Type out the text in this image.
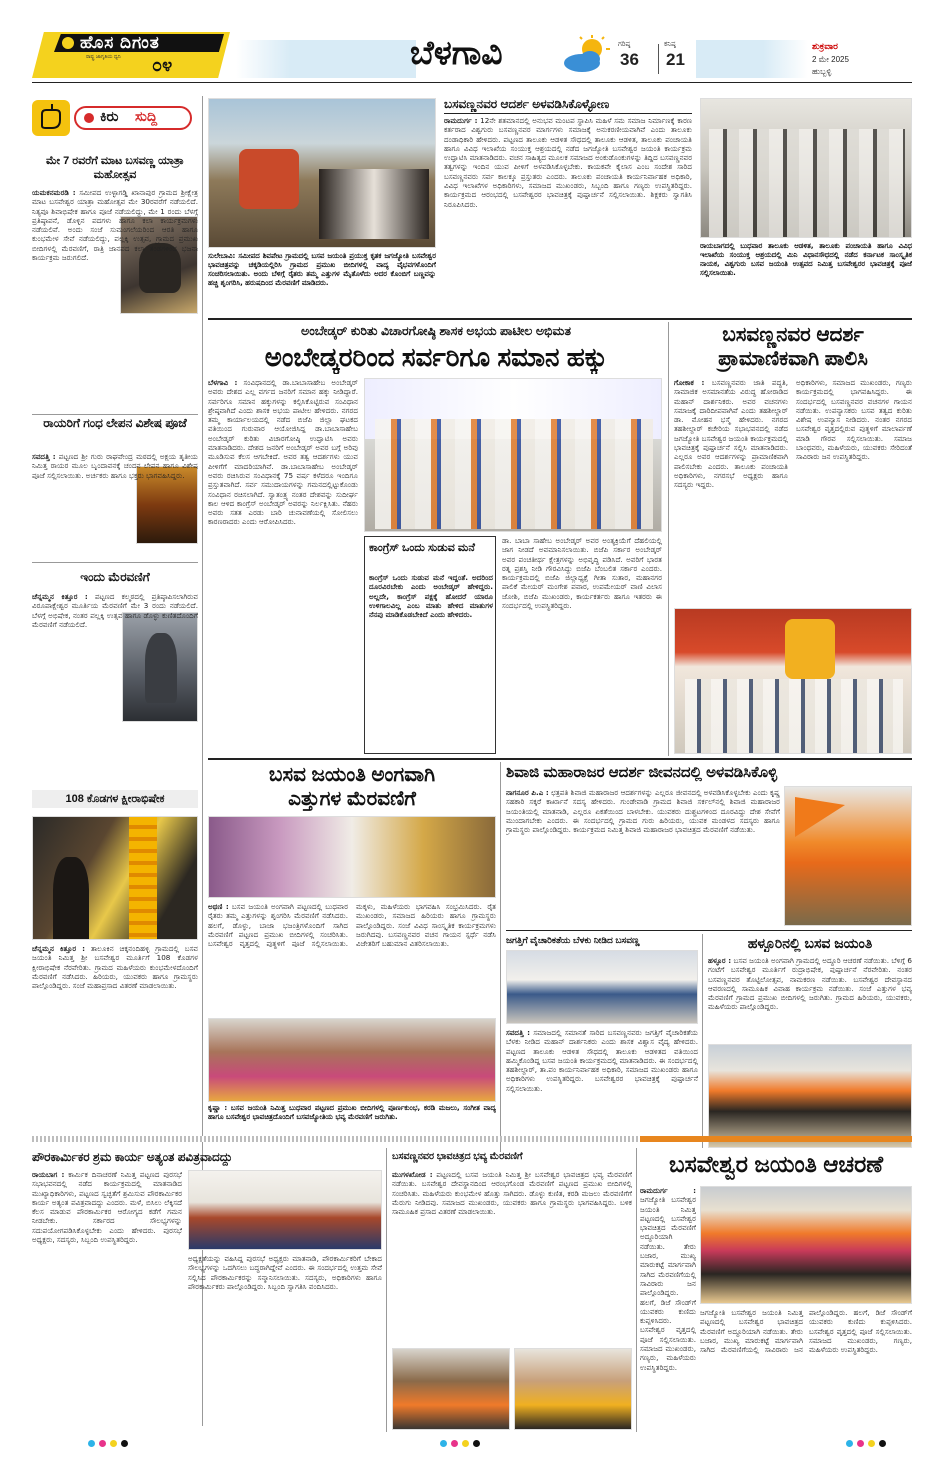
ಹೊಸ ದಿಗಂತ
ರಾಷ್ಟ್ರ ಜಾಗೃತಿಯ ಧ್ವನಿ ೦೪	ಬೆಳಗಾವಿ	ಗರಿಷ್ಠ
36
ಕನಿಷ್ಠ
21
ಶುಕ್ರವಾರ
2 ಮೇ 2025
ಹುಬ್ಬಳ್ಳಿ
ಕಿರು ಸುದ್ದಿ
ಮೇ 7 ರವರೆಗೆ ಮಾಟ ಬಸವಣ್ಣ ಯಾತ್ರಾ ಮಹೋತ್ಸವ
ಯಮಕನಮರಡಿ : ಸಮೀಪದ ಉಳ್ಳಾಗಡ್ಡಿ ಖಾನಾಪುರ ಗ್ರಾಮದ ಶ್ರೀಕ್ಷೇತ್ರ ಮಾಟ ಬಸವೇಶ್ವರ ಯಾತ್ರಾ ಮಹೋತ್ಸವ ಮೇ 30ರವರೆಗೆ ನಡೆಯಲಿದೆ. ನಿತ್ಯವೂ ಶಿವಾಭಿಷೇಕ ಹಾಗೂ ಪೂಜೆ ನಡೆಯಲಿದ್ದು, ಮೇ 1 ರಂದು ಬೆಳಗ್ಗೆ ಪ್ರತಿಷ್ಠಾಪನೆ, ಡೊಳ್ಳಿನ ಪದಗಳು ಹಾಗೂ ಕಲಾ ಕಾರ್ಯಕ್ರಮಗಳು ನಡೆಯಲಿವೆ. ಅಂದು ಸಂಜೆ ಸುಮಂಗಲೆಯರಿಂದ ಆರತಿ ಹಾಗೂ ಕುಂಭಮೇಳ ಸೇವೆ ನಡೆಯಲಿದ್ದು, ಪಲ್ಲಕ್ಕಿ ಉತ್ಸವ, ಗ್ರಾಮದ ಪ್ರಮುಖ ಬೀದಿಗಳಲ್ಲಿ ಮೆರವಣಿಗೆ, ರಾತ್ರಿ ಜಾನಪದ ಕಲಾ ತಂಡಗಳಿಂದ ಭಜನಾ ಕಾರ್ಯಕ್ರಮ ಜರುಗಲಿದೆ.
ರಾಯರಿಗೆ ಗಂಧ ಲೇಪನ ವಿಶೇಷ ಪೂಜೆ
ಸವದತ್ತಿ : ಪಟ್ಟಣದ ಶ್ರೀ ಗುರು ರಾಘವೇಂದ್ರ ಮಠದಲ್ಲಿ ಅಕ್ಷಯ ತೃತೀಯ ನಿಮಿತ್ತ ರಾಯರ ಮೂಲ ಬೃಂದಾವನಕ್ಕೆ ಚಂದನ ಲೇಪನ ಹಾಗೂ ವಿಶೇಷ ಪೂಜೆ ಸಲ್ಲಿಸಲಾಯಿತು. ಅರ್ಚಕರು ಹಾಗೂ ಭಕ್ತರು ಭಾಗವಹಿಸಿದ್ದರು.
ಇಂದು ಮೆರವಣಿಗೆ
ಚೆನ್ನಮ್ಮನ ಕಿತ್ತೂರ : ಪಟ್ಟಣದ ಕಲ್ಮಠದಲ್ಲಿ ಪ್ರತಿಷ್ಠಾಪಿಸಲಾಗಿರುವ ವಿರೂಪಾಕ್ಷೇಶ್ವರ ಮೂರ್ತಿಯ ಮೆರವಣಿಗೆ ಮೇ 3 ರಂದು ನಡೆಯಲಿದೆ. ಬೆಳಗ್ಗೆ ಅಭಿಷೇಕ, ನಂತರ ಪಲ್ಲಕ್ಕಿ ಉತ್ಸವ ಹಾಗೂ ಡೊಳ್ಳು ಕುಣಿತದೊಂದಿಗೆ ಮೆರವಣಿಗೆ ನಡೆಯಲಿದೆ.
108 ಕೊಡಗಳ ಕ್ಷೀರಾಭಿಷೇಕ
ಚೆನ್ನಮ್ಮನ ಕಿತ್ತೂರ : ತಾಲೂಕಿನ ಚಿಕ್ಕನಂದಿಹಳ್ಳಿ ಗ್ರಾಮದಲ್ಲಿ ಬಸವ ಜಯಂತಿ ನಿಮಿತ್ತ ಶ್ರೀ ಬಸವೇಶ್ವರ ಮೂರ್ತಿಗೆ 108 ಕೊಡಗಳ ಕ್ಷೀರಾಭಿಷೇಕ ನೆರವೇರಿತು. ಗ್ರಾಮದ ಮಹಿಳೆಯರು ಕುಂಭಮೇಳದೊಂದಿಗೆ ಮೆರವಣಿಗೆ ನಡೆಸಿದರು. ಹಿರಿಯರು, ಯುವಕರು ಹಾಗೂ ಗ್ರಾಮಸ್ಥರು ಪಾಲ್ಗೊಂಡಿದ್ದರು. ಸಂಜೆ ಮಹಾಪ್ರಸಾದ ವಿತರಣೆ ಮಾಡಲಾಯಿತು.
ಸುಲೇಬಾವಿ: ಸಮೀಪದ ಶಿವಪೇಟ ಗ್ರಾಮದಲ್ಲಿ ಬಸವ ಜಯಂತಿ ಪ್ರಯುಕ್ತ ಕೃತಕ ಜಗಜ್ಯೋತಿ ಬಸವೇಶ್ವರ ಭಾವಚಿತ್ರವನ್ನು ಚಕ್ಕಡಿಯಲ್ಲಿರಿಸಿ ಗ್ರಾಮದ ಪ್ರಮುಖ ಬೀದಿಗಳಲ್ಲಿ ವಾದ್ಯ ವೈಭವಗಳೊಂದಿಗೆ ಸಂಚರಿಸಲಾಯಿತು. ಅಂದು ಬೆಳಿಗ್ಗೆ ರೈತರು ತಮ್ಮ ಎತ್ತುಗಳ ಮೈತೊಳೆದು ಅದರ ಕೊಂಬಿಗೆ ಬಣ್ಣವನ್ನು ಹಚ್ಚಿ ಶೃಂಗರಿಸಿ, ಹರುಷದಿಂದ ಮೆರವಣಿಗೆ ಮಾಡಿದರು.
ಬಸವಣ್ಣನವರ ಆದರ್ಶ ಅಳವಡಿಸಿಕೊಳ್ಳೋಣ
ರಾಮದುರ್ಗ : 12ನೇ ಶತಮಾನದಲ್ಲಿ ಅನುಭವ ಮಂಟಪ ಸ್ಥಾಪಿಸಿ ಮಹಿಳೆ ಸಮ ಸಮಾಜ ನಿರ್ಮಾಣಕ್ಕೆ ಕಾರಣ ಕರ್ತರಾದ ವಿಶ್ವಗುರು ಬಸವಣ್ಣನವರ ಮಾರ್ಗಗಳು ಸಮಾಜಕ್ಕೆ ಅನುಕರಣೀಯವಾಗಿವೆ ಎಂದು ತಾಲೂಕು ದಂಡಾಧಿಕಾರಿ ಹೇಳಿದರು. ಪಟ್ಟಣದ ತಾಲೂಕು ಆಡಳಿತ ಸೌಧದಲ್ಲಿ ತಾಲೂಕು ಆಡಳಿತ, ತಾಲೂಕು ಪಂಚಾಯತಿ ಹಾಗೂ ವಿವಿಧ ಇಲಾಖೆಯ ಸಂಯುಕ್ತ ಆಶ್ರಯದಲ್ಲಿ ನಡೆದ ಜಗಜ್ಯೋತಿ ಬಸವೇಶ್ವರ ಜಯಂತಿ ಕಾರ್ಯಕ್ರಮ ಉದ್ಘಾಟಿಸಿ ಮಾತನಾಡಿದರು. ವಚನ ಸಾಹಿತ್ಯದ ಮೂಲಕ ಸಮಾಜದ ಅಂಕುಡೊಂಕುಗಳನ್ನು ತಿದ್ದಿದ ಬಸವಣ್ಣನವರ ತತ್ವಗಳನ್ನು ಇಂದಿನ ಯುವ ಪೀಳಿಗೆ ಅಳವಡಿಸಿಕೊಳ್ಳಬೇಕು. ಕಾಯಕವೇ ಕೈಲಾಸ ಎಂಬ ಸಂದೇಶ ಸಾರಿದ ಬಸವಣ್ಣನವರು ಸರ್ವ ಕಾಲಕ್ಕೂ ಪ್ರಸ್ತುತರು ಎಂದರು. ತಾಲೂಕು ಪಂಚಾಯತಿ ಕಾರ್ಯನಿರ್ವಾಹಕ ಅಧಿಕಾರಿ, ವಿವಿಧ ಇಲಾಖೆಗಳ ಅಧಿಕಾರಿಗಳು, ಸಮಾಜದ ಮುಖಂಡರು, ಸಿಬ್ಬಂದಿ ಹಾಗೂ ಗಣ್ಯರು ಉಪಸ್ಥಿತರಿದ್ದರು. ಕಾರ್ಯಕ್ರಮದ ಆರಂಭದಲ್ಲಿ ಬಸವೇಶ್ವರರ ಭಾವಚಿತ್ರಕ್ಕೆ ಪುಷ್ಪಾರ್ಚನೆ ಸಲ್ಲಿಸಲಾಯಿತು. ಶಿಕ್ಷಕರು ಸ್ವಾಗತಿಸಿ ನಿರೂಪಿಸಿದರು.
ರಾಯಬಾಗದಲ್ಲಿ ಬುಧವಾರ ತಾಲೂಕು ಆಡಳಿತ, ತಾಲೂಕು ಪಂಚಾಯತಿ ಹಾಗೂ ವಿವಿಧ ಇಲಾಖೆಯ ಸಂಯುಕ್ತ ಆಶ್ರಯದಲ್ಲಿ ಮಿನಿ ವಿಧಾನಸೌಧದಲ್ಲಿ ನಡೆದ ಕರ್ನಾಟಕ ಸಾಂಸ್ಕೃತಿಕ ನಾಯಕ, ವಿಶ್ವಗುರು ಬಸವ ಜಯಂತಿ ಉತ್ಸವದ ನಿಮಿತ್ತ ಬಸವೇಶ್ವರರ ಭಾವಚಿತ್ರಕ್ಕೆ ಪೂಜೆ ಸಲ್ಲಿಸಲಾಯಿತು.
ಅಂಬೇಡ್ಕರ್ ಕುರಿತು ವಿಚಾರಗೋಷ್ಠಿ ಶಾಸಕ ಅಭಯ ಪಾಟೀಲ ಅಭಿಮತ
ಅಂಬೇಡ್ಕರರಿಂದ ಸರ್ವರಿಗೂ ಸಮಾನ ಹಕ್ಕು
ಬೆಳಗಾವಿ : ಸಂವಿಧಾನದಲ್ಲಿ ಡಾ.ಬಾಬಾಸಾಹೇಬ ಅಂಬೇಡ್ಕರ್ ಅವರು ದೇಶದ ಎಲ್ಲ ವರ್ಗದ ಜನರಿಗೆ ಸಮಾನ ಹಕ್ಕು ನೀಡಿದ್ದಾರೆ. ಸರ್ವರಿಗೂ ಸಮಾನ ಹಕ್ಕುಗಳನ್ನು ಕಲ್ಪಿಸಿಕೊಟ್ಟಿರುವ ಸಂವಿಧಾನ ಶ್ರೇಷ್ಠವಾಗಿದೆ ಎಂದು ಶಾಸಕ ಅಭಯ ಪಾಟೀಲ ಹೇಳಿದರು. ನಗರದ ತಮ್ಮ ಕಾರ್ಯಾಲಯದಲ್ಲಿ ನಡೆದ ಬಿಜೆಪಿ ಜಿಲ್ಲಾ ಘಟಕದ ವತಿಯಿಂದ ಗುರುವಾರ ಆಯೋಜಿಸಿದ್ದ ಡಾ.ಬಾಬಾಸಾಹೇಬ ಅಂಬೇಡ್ಕರ್ ಕುರಿತು ವಿಚಾರಗೋಷ್ಠಿ ಉದ್ಘಾಟಿಸಿ ಅವರು ಮಾತನಾಡಿದರು. ದೇಶದ ಜನರಿಗೆ ಅಂಬೇಡ್ಕರ್ ಅವರ ಬಗ್ಗೆ ಅರಿವು ಮೂಡಿಸುವ ಕೆಲಸ ಆಗಬೇಕಿದೆ. ಅವರ ತತ್ವ ಆದರ್ಶಗಳು ಯುವ ಪೀಳಿಗೆಗೆ ಮಾದರಿಯಾಗಿವೆ. ಡಾ.ಬಾಬಾಸಾಹೇಬ ಅಂಬೇಡ್ಕರ್ ಅವರು ರಚಿಸಿರುವ ಸಂವಿಧಾನಕ್ಕೆ 75 ವರ್ಷ ಕಳೆದರೂ ಇಂದಿಗೂ ಪ್ರಸ್ತುತವಾಗಿದೆ. ಸರ್ವ ಸಮುದಾಯಗಳನ್ನು ಗಮನದಲ್ಲಿಟ್ಟುಕೊಂಡು ಸಂವಿಧಾನ ರಚಿಸಲಾಗಿದೆ. ಸ್ವಾತಂತ್ರ್ಯ ನಂತರ ದೇಶವನ್ನು ಸುದೀರ್ಘ ಕಾಲ ಆಳಿದ ಕಾಂಗ್ರೆಸ್ ಅಂಬೇಡ್ಕರ್ ಅವರನ್ನು ನಿರ್ಲಕ್ಷಿಸಿತು. ನೆಹರು ಅವರು ಸತತ ಎರಡು ಬಾರಿ ಚುನಾವಣೆಯಲ್ಲಿ ಸೋಲಿಸಲು ಕಾರಣರಾದರು ಎಂದು ಆರೋಪಿಸಿದರು.
ಕಾಂಗ್ರೆಸ್ ಒಂದು ಸುಡುವ ಮನೆ
ಕಾಂಗ್ರೆಸ್ ಒಂದು ಸುಡುವ ಮನೆ ಇದ್ದಂತೆ. ಅದರಿಂದ ದೂರವಿರಬೇಕು ಎಂದು ಅಂಬೇಡ್ಕರ್ ಹೇಳಿದ್ದರು. ಅಲ್ಲದೇ, ಕಾಂಗ್ರೆಸ್ ಪಕ್ಷಕ್ಕೆ ಹೋದರೆ ಯಾರೂ ಉಳಿಗಾಲವಿಲ್ಲ ಎಂಬ ಮಾತು ಹೇಳಿದ ಮಾತುಗಳ ನೆನಪು ಮಾಡಿಕೊಡಬೇಕಿದೆ ಎಂದು ಹೇಳಿದರು.
ಡಾ. ಬಾಬಾ ಸಾಹೇಬ ಅಂಬೇಡ್ಕರ್ ಅವರ ಅಂತ್ಯಕ್ರಿಯೆಗೆ ದೆಹಲಿಯಲ್ಲಿ ಜಾಗ ನೀಡದೆ ಅವಮಾನಿಸಲಾಯಿತು. ಬಿಜೆಪಿ ಸರ್ಕಾರ ಅಂಬೇಡ್ಕರ್ ಅವರ ಪಂಚತೀರ್ಥ ಕ್ಷೇತ್ರಗಳನ್ನು ಅಭಿವೃದ್ಧಿ ಪಡಿಸಿದೆ. ಅವರಿಗೆ ಭಾರತ ರತ್ನ ಪ್ರಶಸ್ತಿ ನೀಡಿ ಗೌರವಿಸಿದ್ದು ಬಿಜೆಪಿ ಬೆಂಬಲಿತ ಸರ್ಕಾರ ಎಂದರು. ಕಾರ್ಯಕ್ರಮದಲ್ಲಿ ಬಿಜೆಪಿ ಜಿಲ್ಲಾಧ್ಯಕ್ಷೆ ಗೀತಾ ಸುತಾರ, ಮಹಾನಗರ ಪಾಲಿಕೆ ಮೇಯರ್ ಮಂಗೇಶ ಪವಾರ, ಉಪಮೇಯರ್ ವಾಣಿ ವಿಲಾಸ ಜೋಶಿ, ಬಿಜೆಪಿ ಮುಖಂಡರು, ಕಾರ್ಯಕರ್ತರು ಹಾಗೂ ಇತರರು ಈ ಸಂದರ್ಭದಲ್ಲಿ ಉಪಸ್ಥಿತರಿದ್ದರು.
ಬಸವಣ್ಣನವರ ಆದರ್ಶ
ಪ್ರಾಮಾಣಿಕವಾಗಿ ಪಾಲಿಸಿ
ಗೋಕಾಕ : ಬಸವಣ್ಣನವರು ಜಾತಿ ಪದ್ಧತಿ, ಸಾಮಾಜಿಕ ಅಸಮಾನತೆಯ ವಿರುದ್ಧ ಹೋರಾಡಿದ ಮಹಾನ್ ದಾರ್ಶನಿಕರು. ಅವರ ವಚನಗಳು ಸಮಾಜಕ್ಕೆ ದಾರಿದೀಪವಾಗಿವೆ ಎಂದು ತಹಶೀಲ್ದಾರ್ ಡಾ. ಮೋಹನ ಭಸ್ಮೆ ಹೇಳಿದರು. ನಗರದ ತಹಶೀಲ್ದಾರ್ ಕಚೇರಿಯ ಸಭಾಭವನದಲ್ಲಿ ನಡೆದ ಜಗಜ್ಯೋತಿ ಬಸವೇಶ್ವರ ಜಯಂತಿ ಕಾರ್ಯಕ್ರಮದಲ್ಲಿ ಭಾವಚಿತ್ರಕ್ಕೆ ಪುಷ್ಪಾರ್ಚನೆ ಸಲ್ಲಿಸಿ ಮಾತನಾಡಿದರು. ಎಲ್ಲರೂ ಅವರ ಆದರ್ಶಗಳನ್ನು ಪ್ರಾಮಾಣಿಕವಾಗಿ ಪಾಲಿಸಬೇಕು ಎಂದರು. ತಾಲೂಕು ಪಂಚಾಯತಿ ಅಧಿಕಾರಿಗಳು, ನಗರಸಭೆ ಅಧ್ಯಕ್ಷರು ಹಾಗೂ ಸದಸ್ಯರು ಇದ್ದರು.
ಅಧಿಕಾರಿಗಳು, ಸಮಾಜದ ಮುಖಂಡರು, ಗಣ್ಯರು ಕಾರ್ಯಕ್ರಮದಲ್ಲಿ ಭಾಗವಹಿಸಿದ್ದರು. ಈ ಸಂದರ್ಭದಲ್ಲಿ ಬಸವಣ್ಣನವರ ವಚನಗಳ ಗಾಯನ ನಡೆಯಿತು. ಉಪನ್ಯಾಸಕರು ಬಸವ ತತ್ವದ ಕುರಿತು ವಿಶೇಷ ಉಪನ್ಯಾಸ ನೀಡಿದರು. ನಂತರ ನಗರದ ಬಸವೇಶ್ವರ ವೃತ್ತದಲ್ಲಿರುವ ಪುತ್ಥಳಿಗೆ ಮಾಲಾರ್ಪಣೆ ಮಾಡಿ ಗೌರವ ಸಲ್ಲಿಸಲಾಯಿತು. ಸಮಾಜ ಬಾಂಧವರು, ಮಹಿಳೆಯರು, ಯುವಕರು ಸೇರಿದಂತೆ ಸಾವಿರಾರು ಜನ ಉಪಸ್ಥಿತರಿದ್ದರು.
ಬಸವ ಜಯಂತಿ ಅಂಗವಾಗಿ
ಎತ್ತುಗಳ ಮೆರವಣಿಗೆ
ಅಥಣಿ : ಬಸವ ಜಯಂತಿ ಅಂಗವಾಗಿ ಪಟ್ಟಣದಲ್ಲಿ ಬುಧವಾರ ರೈತರು ತಮ್ಮ ಎತ್ತುಗಳನ್ನು ಶೃಂಗರಿಸಿ ಮೆರವಣಿಗೆ ನಡೆಸಿದರು. ಹಲಗೆ, ಡೊಳ್ಳು, ಬಾಜಾ ಭಜಂತ್ರಿಗಳೊಂದಿಗೆ ಸಾಗಿದ ಮೆರವಣಿಗೆ ಪಟ್ಟಣದ ಪ್ರಮುಖ ಬೀದಿಗಳಲ್ಲಿ ಸಂಚರಿಸಿತು. ಬಸವೇಶ್ವರ ವೃತ್ತದಲ್ಲಿ ಪುತ್ಥಳಿಗೆ ಪೂಜೆ ಸಲ್ಲಿಸಲಾಯಿತು. ಮಕ್ಕಳು, ಮಹಿಳೆಯರು ಭಾಗವಹಿಸಿ ಸಂಭ್ರಮಿಸಿದರು. ರೈತ ಮುಖಂಡರು, ಸಮಾಜದ ಹಿರಿಯರು ಹಾಗೂ ಗ್ರಾಮಸ್ಥರು ಪಾಲ್ಗೊಂಡಿದ್ದರು. ಸಂಜೆ ವಿವಿಧ ಸಾಂಸ್ಕೃತಿಕ ಕಾರ್ಯಕ್ರಮಗಳು ಜರುಗಿದವು. ಬಸವಣ್ಣನವರ ವಚನ ಗಾಯನ ಸ್ಪರ್ಧೆ ನಡೆಸಿ ವಿಜೇತರಿಗೆ ಬಹುಮಾನ ವಿತರಿಸಲಾಯಿತು.
ಕೃಷ್ಣಾ : ಬಸವ ಜಯಂತಿ ನಿಮಿತ್ತ ಬುಧವಾರ ಪಟ್ಟಣದ ಪ್ರಮುಖ ಬೀದಿಗಳಲ್ಲಿ ಪೂರ್ಣಕುಂಭ, ಕರಡಿ ಮಜಲು, ಸಂಗೀತ ವಾದ್ಯ ಹಾಗೂ ಬಸವೇಶ್ವರ ಭಾವಚಿತ್ರದೊಂದಿಗೆ ಬಸವಜ್ಯೋತಿಯ ಭವ್ಯ ಮೆರವಣಿಗೆ ಜರುಗಿತು.
ಶಿವಾಜಿ ಮಹಾರಾಜರ ಆದರ್ಶ ಜೀವನದಲ್ಲಿ ಅಳವಡಿಸಿಕೊಳ್ಳಿ
ನಾಗನೂರ ಪಿ.ಎ : ಛತ್ರಪತಿ ಶಿವಾಜಿ ಮಹಾರಾಜರ ಆದರ್ಶಗಳನ್ನು ಎಲ್ಲರೂ ಜೀವನದಲ್ಲಿ ಅಳವಡಿಸಿಕೊಳ್ಳಬೇಕು ಎಂದು ಕೃಷ್ಣ ಸಹಕಾರಿ ಸಕ್ಕರೆ ಕಾರ್ಖಾನೆ ಸದಸ್ಯ ಹೇಳಿದರು. ಗುಂಡೇವಾಡಿ ಗ್ರಾಮದ ಶಿವಾಜಿ ಸರ್ಕಲ್‌ನಲ್ಲಿ ಶಿವಾಜಿ ಮಹಾರಾಜರ ಜಯಂತಿಯಲ್ಲಿ ಮಾತನಾಡಿ, ಎಲ್ಲರೂ ಏಕತೆಯಿಂದ ಬಾಳಬೇಕು. ಯುವಕರು ದುಶ್ಚಟಗಳಿಂದ ದೂರವಿದ್ದು ದೇಶ ಸೇವೆಗೆ ಮುಂದಾಗಬೇಕು ಎಂದರು. ಈ ಸಂದರ್ಭದಲ್ಲಿ ಗ್ರಾಮದ ಗುರು ಹಿರಿಯರು, ಯುವಕ ಮಂಡಳದ ಸದಸ್ಯರು ಹಾಗೂ ಗ್ರಾಮಸ್ಥರು ಪಾಲ್ಗೊಂಡಿದ್ದರು. ಕಾರ್ಯಕ್ರಮದ ನಿಮಿತ್ತ ಶಿವಾಜಿ ಮಹಾರಾಜರ ಭಾವಚಿತ್ರದ ಮೆರವಣಿಗೆ ನಡೆಯಿತು.
ಜಗತ್ತಿಗೆ ವೈಚಾರಿಕತೆಯ ಬೆಳಕು ನೀಡಿದ ಬಸವಣ್ಣ
ಸವದತ್ತಿ : ಸಮಾಜದಲ್ಲಿ ಸಮಾನತೆ ಸಾರಿದ ಬಸವಣ್ಣನವರು ಜಗತ್ತಿಗೆ ವೈಚಾರಿಕತೆಯ ಬೆಳಕು ನೀಡಿದ ಮಹಾನ್ ದಾರ್ಶನಿಕರು ಎಂದು ಶಾಸಕ ವಿಶ್ವಾಸ ವೈದ್ಯ ಹೇಳಿದರು. ಪಟ್ಟಣದ ತಾಲೂಕು ಆಡಳಿತ ಸೌಧದಲ್ಲಿ ತಾಲೂಕು ಆಡಳಿತದ ವತಿಯಿಂದ ಹಮ್ಮಿಕೊಂಡಿದ್ದ ಬಸವ ಜಯಂತಿ ಕಾರ್ಯಕ್ರಮದಲ್ಲಿ ಮಾತನಾಡಿದರು. ಈ ಸಂದರ್ಭದಲ್ಲಿ ತಹಶೀಲ್ದಾರ್, ತಾ.ಪಂ ಕಾರ್ಯನಿರ್ವಾಹಕ ಅಧಿಕಾರಿ, ಸಮಾಜದ ಮುಖಂಡರು ಹಾಗೂ ಅಧಿಕಾರಿಗಳು ಉಪಸ್ಥಿತರಿದ್ದರು. ಬಸವೇಶ್ವರರ ಭಾವಚಿತ್ರಕ್ಕೆ ಪುಷ್ಪಾರ್ಚನೆ ಸಲ್ಲಿಸಲಾಯಿತು.
ಹಳ್ಳೂರಿನಲ್ಲಿ ಬಸವ ಜಯಂತಿ
ಹಳ್ಳೂರ : ಬಸವ ಜಯಂತಿ ಅಂಗವಾಗಿ ಗ್ರಾಮದಲ್ಲಿ ಅದ್ಧೂರಿ ಆಚರಣೆ ನಡೆಯಿತು. ಬೆಳಿಗ್ಗೆ 6 ಗಂಟೆಗೆ ಬಸವೇಶ್ವರ ಮೂರ್ತಿಗೆ ರುದ್ರಾಭಿಷೇಕ, ಪುಷ್ಪಾರ್ಚನೆ ನೆರವೇರಿತು. ನಂತರ ಬಸವಣ್ಣನವರ ತೊಟ್ಟಿಲೋತ್ಸವ, ನಾಮಕರಣ ನಡೆಯಿತು. ಬಸವೇಶ್ವರ ದೇವಸ್ಥಾನದ ಆವರಣದಲ್ಲಿ ಸಾಮೂಹಿಕ ವಿವಾಹ ಕಾರ್ಯಕ್ರಮ ನಡೆಯಿತು. ಸಂಜೆ ಎತ್ತುಗಳ ಭವ್ಯ ಮೆರವಣಿಗೆ ಗ್ರಾಮದ ಪ್ರಮುಖ ಬೀದಿಗಳಲ್ಲಿ ಜರುಗಿತು. ಗ್ರಾಮದ ಹಿರಿಯರು, ಯುವಕರು, ಮಹಿಳೆಯರು ಪಾಲ್ಗೊಂಡಿದ್ದರು.
ಪೌರಕಾರ್ಮಿಕರ ಶ್ರಮ ಕಾರ್ಯ ಅತ್ಯಂತ ಪವಿತ್ರವಾದದ್ದು
ರಾಯಬಾಗ : ಕಾರ್ಮಿಕ ದಿನಾಚರಣೆ ನಿಮಿತ್ತ ಪಟ್ಟಣದ ಪುರಸಭೆ ಸಭಾಭವನದಲ್ಲಿ ನಡೆದ ಕಾರ್ಯಕ್ರಮದಲ್ಲಿ ಮಾತನಾಡಿದ ಮುಖ್ಯಾಧಿಕಾರಿಗಳು, ಪಟ್ಟಣದ ಸ್ವಚ್ಛತೆಗೆ ಶ್ರಮಿಸುವ ಪೌರಕಾರ್ಮಿಕರ ಕಾರ್ಯ ಅತ್ಯಂತ ಪವಿತ್ರವಾದದ್ದು ಎಂದರು. ಮಳೆ, ಬಿಸಿಲು ಲೆಕ್ಕಿಸದೆ ಕೆಲಸ ಮಾಡುವ ಪೌರಕಾರ್ಮಿಕರ ಆರೋಗ್ಯದ ಕಡೆಗೆ ಗಮನ ನೀಡಬೇಕು. ಸರ್ಕಾರದ ಸೌಲಭ್ಯಗಳನ್ನು ಸದುಪಯೋಗಪಡಿಸಿಕೊಳ್ಳಬೇಕು ಎಂದು ಹೇಳಿದರು. ಪುರಸಭೆ ಅಧ್ಯಕ್ಷರು, ಸದಸ್ಯರು, ಸಿಬ್ಬಂದಿ ಉಪಸ್ಥಿತರಿದ್ದರು.
ಅಧ್ಯಕ್ಷತೆಯನ್ನು ವಹಿಸಿದ್ದ ಪುರಸಭೆ ಅಧ್ಯಕ್ಷರು ಮಾತನಾಡಿ, ಪೌರಕಾರ್ಮಿಕರಿಗೆ ಬೇಕಾದ ಸೌಲಭ್ಯಗಳನ್ನು ಒದಗಿಸಲು ಬದ್ಧರಾಗಿದ್ದೇವೆ ಎಂದರು. ಈ ಸಂದರ್ಭದಲ್ಲಿ ಉತ್ತಮ ಸೇವೆ ಸಲ್ಲಿಸಿದ ಪೌರಕಾರ್ಮಿಕರನ್ನು ಸನ್ಮಾನಿಸಲಾಯಿತು. ಸದಸ್ಯರು, ಅಧಿಕಾರಿಗಳು ಹಾಗೂ ಪೌರಕಾರ್ಮಿಕರು ಪಾಲ್ಗೊಂಡಿದ್ದರು. ಸಿಬ್ಬಂದಿ ಸ್ವಾಗತಿಸಿ ವಂದಿಸಿದರು.
ಬಸವಣ್ಣನವರ ಭಾವಚಿತ್ರದ ಭವ್ಯ ಮೆರವಣಿಗೆ
ಮುಗಳಖೋಡ : ಪಟ್ಟಣದಲ್ಲಿ ಬಸವ ಜಯಂತಿ ನಿಮಿತ್ತ ಶ್ರೀ ಬಸವೇಶ್ವರ ಭಾವಚಿತ್ರದ ಭವ್ಯ ಮೆರವಣಿಗೆ ನಡೆಯಿತು. ಬಸವೇಶ್ವರ ದೇವಸ್ಥಾನದಿಂದ ಆರಂಭಗೊಂಡ ಮೆರವಣಿಗೆ ಪಟ್ಟಣದ ಪ್ರಮುಖ ಬೀದಿಗಳಲ್ಲಿ ಸಂಚರಿಸಿತು. ಮಹಿಳೆಯರು ಕುಂಭಮೇಳ ಹೊತ್ತು ಸಾಗಿದರು. ಡೊಳ್ಳು ಕುಣಿತ, ಕರಡಿ ಮಜಲು ಮೆರವಣಿಗೆಗೆ ಮೆರುಗು ನೀಡಿದವು. ಸಮಾಜದ ಮುಖಂಡರು, ಯುವಕರು ಹಾಗೂ ಗ್ರಾಮಸ್ಥರು ಭಾಗವಹಿಸಿದ್ದರು. ಬಳಿಕ ಸಾಮೂಹಿಕ ಪ್ರಸಾದ ವಿತರಣೆ ಮಾಡಲಾಯಿತು.
ಬಸವೇಶ್ವರ ಜಯಂತಿ ಆಚರಣೆ
ರಾಮದುರ್ಗ : ಜಗಜ್ಯೋತಿ ಬಸವೇಶ್ವರ ಜಯಂತಿ ನಿಮಿತ್ತ ಪಟ್ಟಣದಲ್ಲಿ ಬಸವೇಶ್ವರ ಭಾವಚಿತ್ರದ ಮೆರವಣಿಗೆ ಅದ್ಧೂರಿಯಾಗಿ ನಡೆಯಿತು. ತೇರು ಬಜಾರ, ಮುಖ್ಯ ಮಾರುಕಟ್ಟೆ ಮಾರ್ಗವಾಗಿ ಸಾಗಿದ ಮೆರವಣಿಗೆಯಲ್ಲಿ ಸಾವಿರಾರು ಜನ ಪಾಲ್ಗೊಂಡಿದ್ದರು. ಹಲಗೆ, ಡಿಜೆ ಸೌಂಡ್‌ಗೆ ಯುವಕರು ಕುಣಿದು ಕುಪ್ಪಳಿಸಿದರು. ಬಸವೇಶ್ವರ ವೃತ್ತದಲ್ಲಿ ಪೂಜೆ ಸಲ್ಲಿಸಲಾಯಿತು. ಸಮಾಜದ ಮುಖಂಡರು, ಗಣ್ಯರು, ಮಹಿಳೆಯರು ಉಪಸ್ಥಿತರಿದ್ದರು.
ಜಗಜ್ಯೋತಿ ಬಸವೇಶ್ವರ ಜಯಂತಿ ನಿಮಿತ್ತ ಪಟ್ಟಣದಲ್ಲಿ ಬಸವೇಶ್ವರ ಭಾವಚಿತ್ರದ ಮೆರವಣಿಗೆ ಅದ್ಧೂರಿಯಾಗಿ ನಡೆಯಿತು. ತೇರು ಬಜಾರ, ಮುಖ್ಯ ಮಾರುಕಟ್ಟೆ ಮಾರ್ಗವಾಗಿ ಸಾಗಿದ ಮೆರವಣಿಗೆಯಲ್ಲಿ ಸಾವಿರಾರು ಜನ ಪಾಲ್ಗೊಂಡಿದ್ದರು. ಹಲಗೆ, ಡಿಜೆ ಸೌಂಡ್‌ಗೆ ಯುವಕರು ಕುಣಿದು ಕುಪ್ಪಳಿಸಿದರು. ಬಸವೇಶ್ವರ ವೃತ್ತದಲ್ಲಿ ಪೂಜೆ ಸಲ್ಲಿಸಲಾಯಿತು. ಸಮಾಜದ ಮುಖಂಡರು, ಗಣ್ಯರು, ಮಹಿಳೆಯರು ಉಪಸ್ಥಿತರಿದ್ದರು.
